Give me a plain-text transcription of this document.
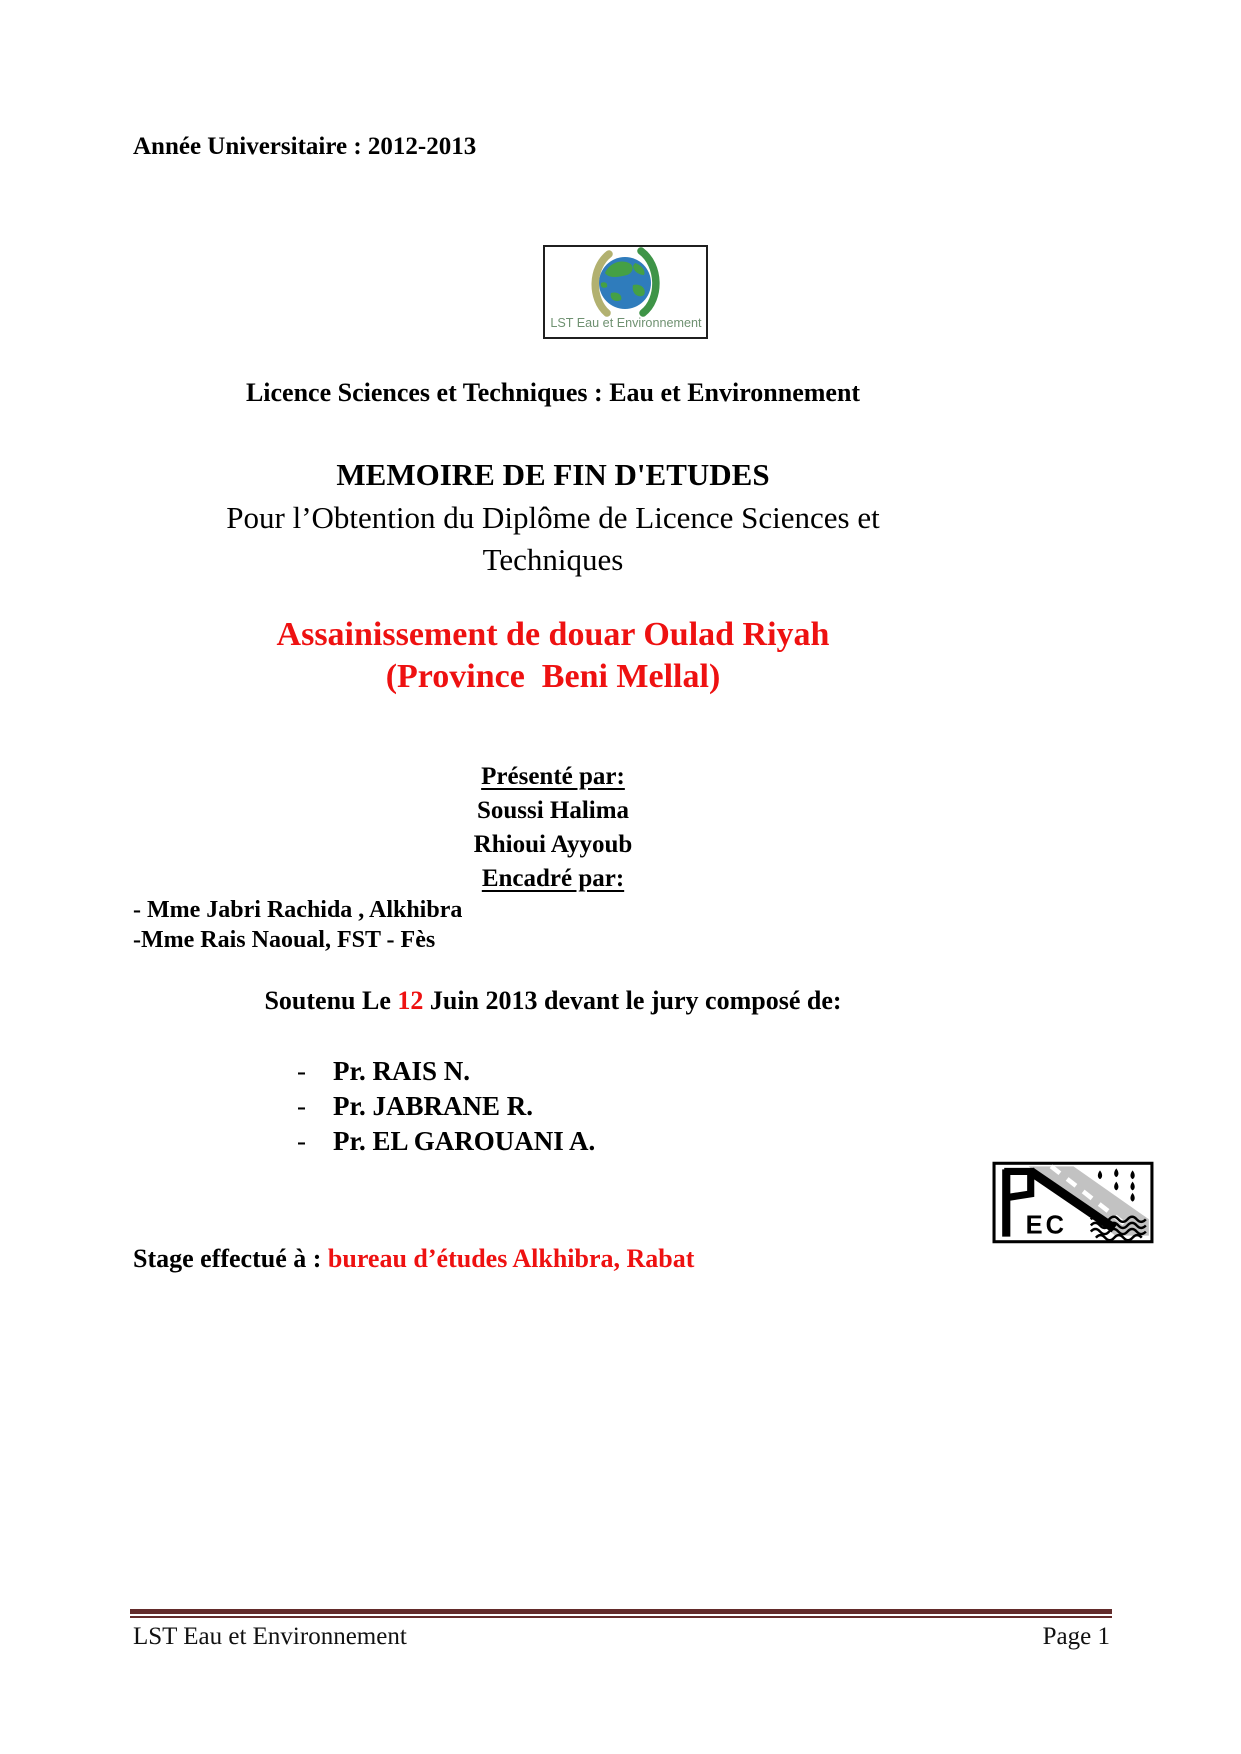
Année Universitaire : 2012-2013
LST Eau et Environnement
Licence Sciences et Techniques : Eau et Environnement
MEMOIRE DE FIN D'ETUDES
Pour l’Obtention du Diplôme de Licence Sciences et
Techniques
Assainissement de douar Oulad Riyah
(Province  Beni Mellal)
Présenté par:
Soussi Halima
Rhioui Ayyoub
Encadré par:
- Mme Jabri Rachida , Alkhibra
-Mme Rais Naoual, FST - Fès
Soutenu Le 12 Juin 2013 devant le jury composé de:
-	Pr. RAIS N.
-	Pr. JABRANE R.
-	Pr. EL GAROUANI A.
EC
Stage effectué à : bureau d’études Alkhibra, Rabat
LST Eau et Environnement	Page 1
